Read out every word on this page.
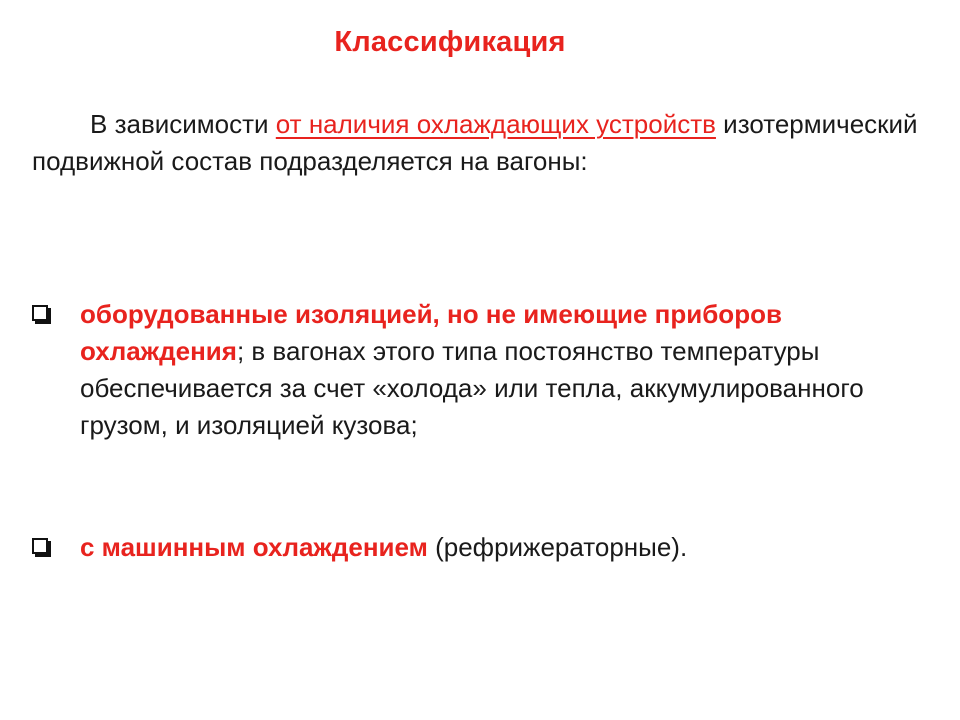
Классификация
В зависимости от наличия охлаждающих устройств изотермический подвижной состав подразделяется на вагоны:
оборудованные изоляцией, но не имеющие приборов охлаждения; в вагонах этого типа постоянство температуры обеспечивается за счет «холода» или тепла, аккумулированного грузом, и изоляцией кузова;
с машинным охлаждением (рефрижераторные).
